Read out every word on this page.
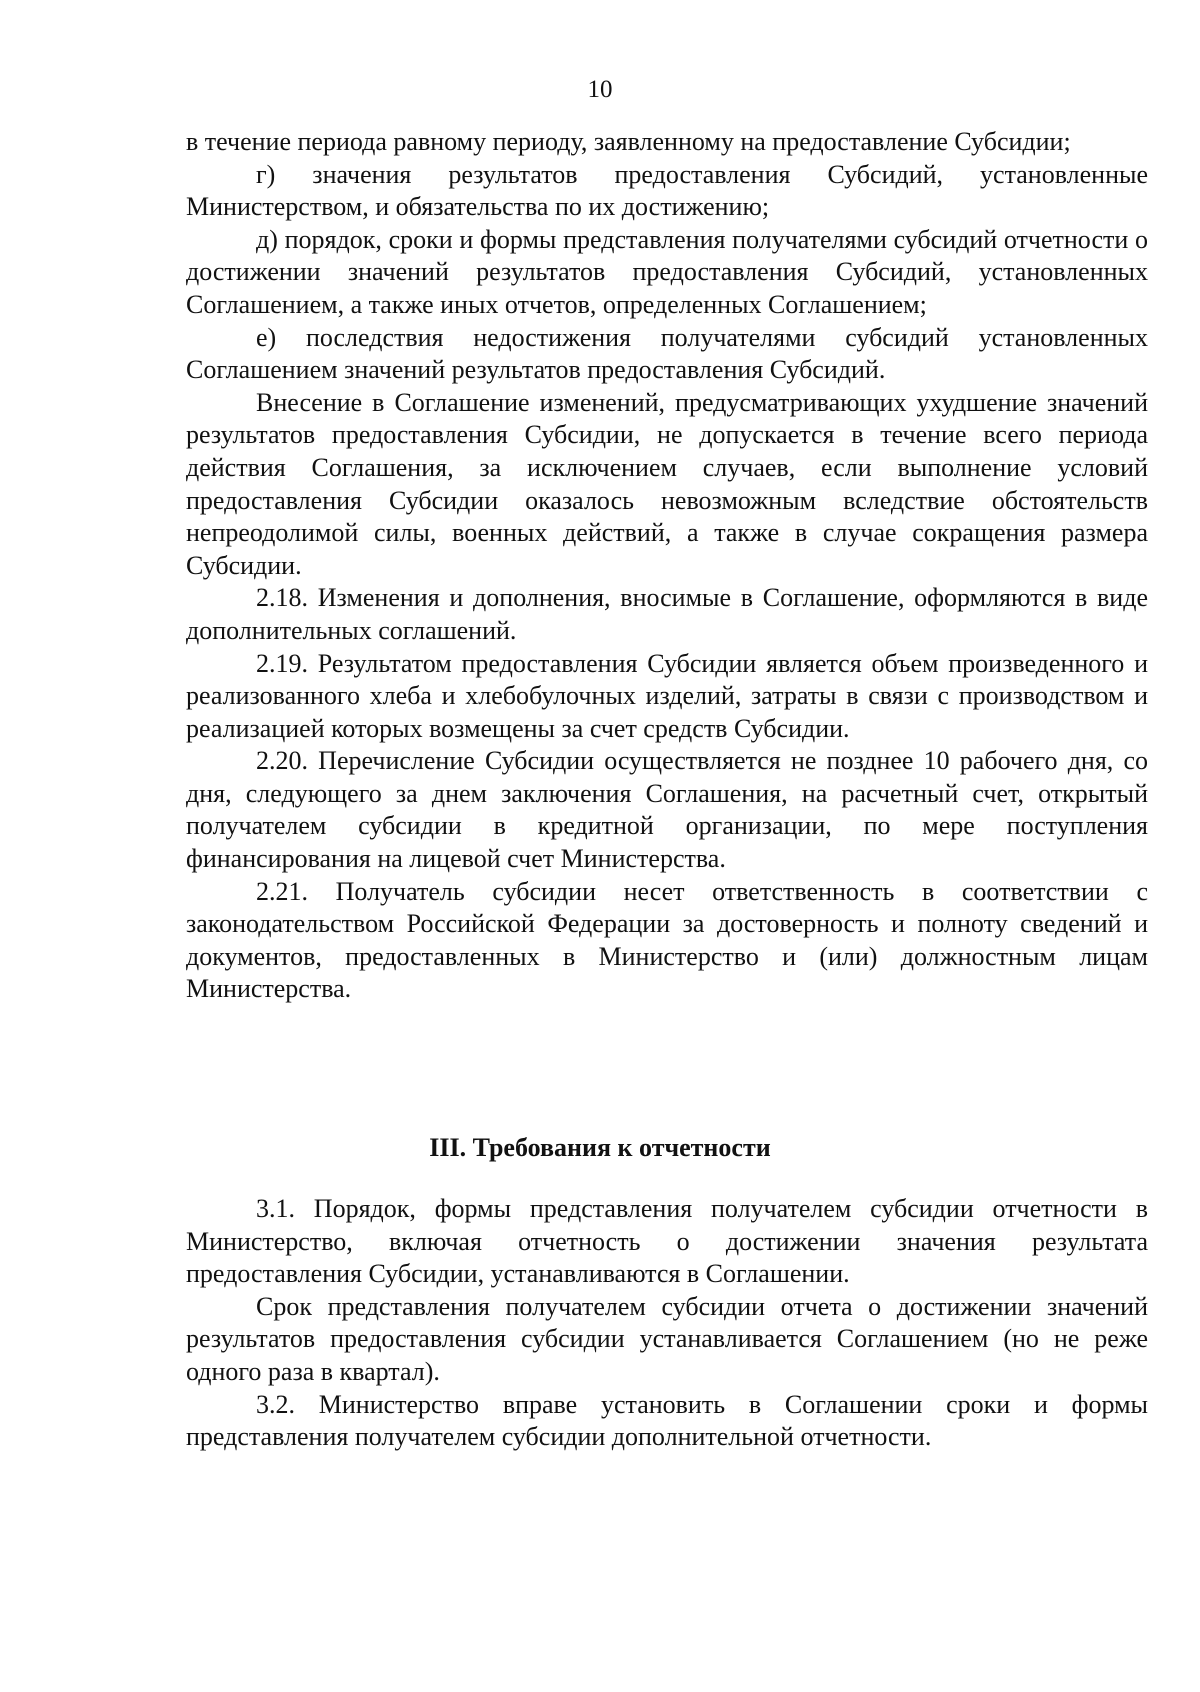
10

в течение периода равному периоду, заявленному на предоставление Субсидии;

г) значения результатов предоставления Субсидий, установленные Министерством, и обязательства по их достижению;

д) порядок, сроки и формы представления получателями субсидий отчетности о достижении значений результатов предоставления Субсидий, установленных Соглашением, а также иных отчетов, определенных Соглашением;

е) последствия недостижения получателями субсидий установленных Соглашением значений результатов предоставления Субсидий.

Внесение в Соглашение изменений, предусматривающих ухудшение значений результатов предоставления Субсидии, не допускается в течение всего периода действия Соглашения, за исключением случаев, если выполнение условий предоставления Субсидии оказалось невозможным вследствие обстоятельств непреодолимой силы, военных действий, а также в случае сокращения размера Субсидии.

2.18. Изменения и дополнения, вносимые в Соглашение, оформляются в виде дополнительных соглашений.

2.19. Результатом предоставления Субсидии является объем произведенного и реализованного хлеба и хлебобулочных изделий, затраты в связи с производством и реализацией которых возмещены за счет средств Субсидии.

2.20. Перечисление Субсидии осуществляется не позднее 10 рабочего дня, со дня, следующего за днем заключения Соглашения, на расчетный счет, открытый получателем субсидии в кредитной организации, по мере поступления финансирования на лицевой счет Министерства.

2.21. Получатель субсидии несет ответственность в соответствии с законодательством Российской Федерации за достоверность и полноту сведений и документов, предоставленных в Министерство и (или) должностным лицам Министерства.

III. Требования к отчетности

3.1. Порядок, формы представления получателем субсидии отчетности в Министерство, включая отчетность о достижении значения результата предоставления Субсидии, устанавливаются в Соглашении.

Срок представления получателем субсидии отчета о достижении значений результатов предоставления субсидии устанавливается Соглашением (но не реже одного раза в квартал).

3.2. Министерство вправе установить в Соглашении сроки и формы представления получателем субсидии дополнительной отчетности.
